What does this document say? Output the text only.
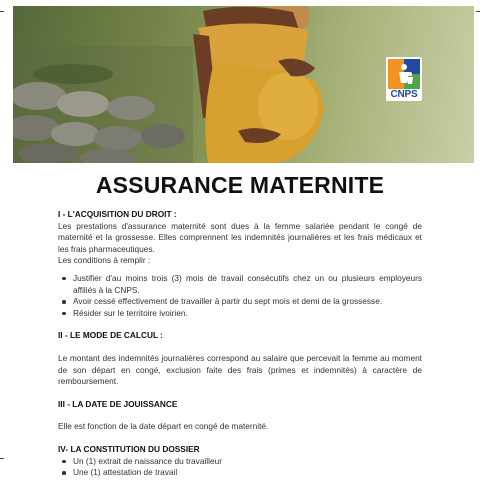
CNPS
ASSURANCE MATERNITE
I - L'ACQUISITION DU DROIT :
Les prestations d'assurance maternité sont dues à la femme salariée pendant le congé de maternité et la grossesse. Elles comprennent les indemnités journalières et les frais médicaux et les frais pharmaceutiques.
Les conditions à remplir :
Justifier d'au moins trois (3) mois de travail consécutifs chez un ou plusieurs employeurs affiliés à la CNPS.
Avoir cessé effectivement de travailler à partir du sept mois et demi de la grossesse.
Résider sur le territoire ivoirien.
II - LE MODE DE CALCUL :
Le montant des indemnités journalières correspond au salaire que percevait la femme au moment de son départ en congé, exclusion faite des frais (primes et indemnités) à caractère de remboursement.
III - LA DATE DE JOUISSANCE
Elle est fonction de la date départ en congé de maternité.
IV- LA CONSTITUTION DU DOSSIER
Un (1) extrait de naissance du travailleur
Une (1) attestation de travail
